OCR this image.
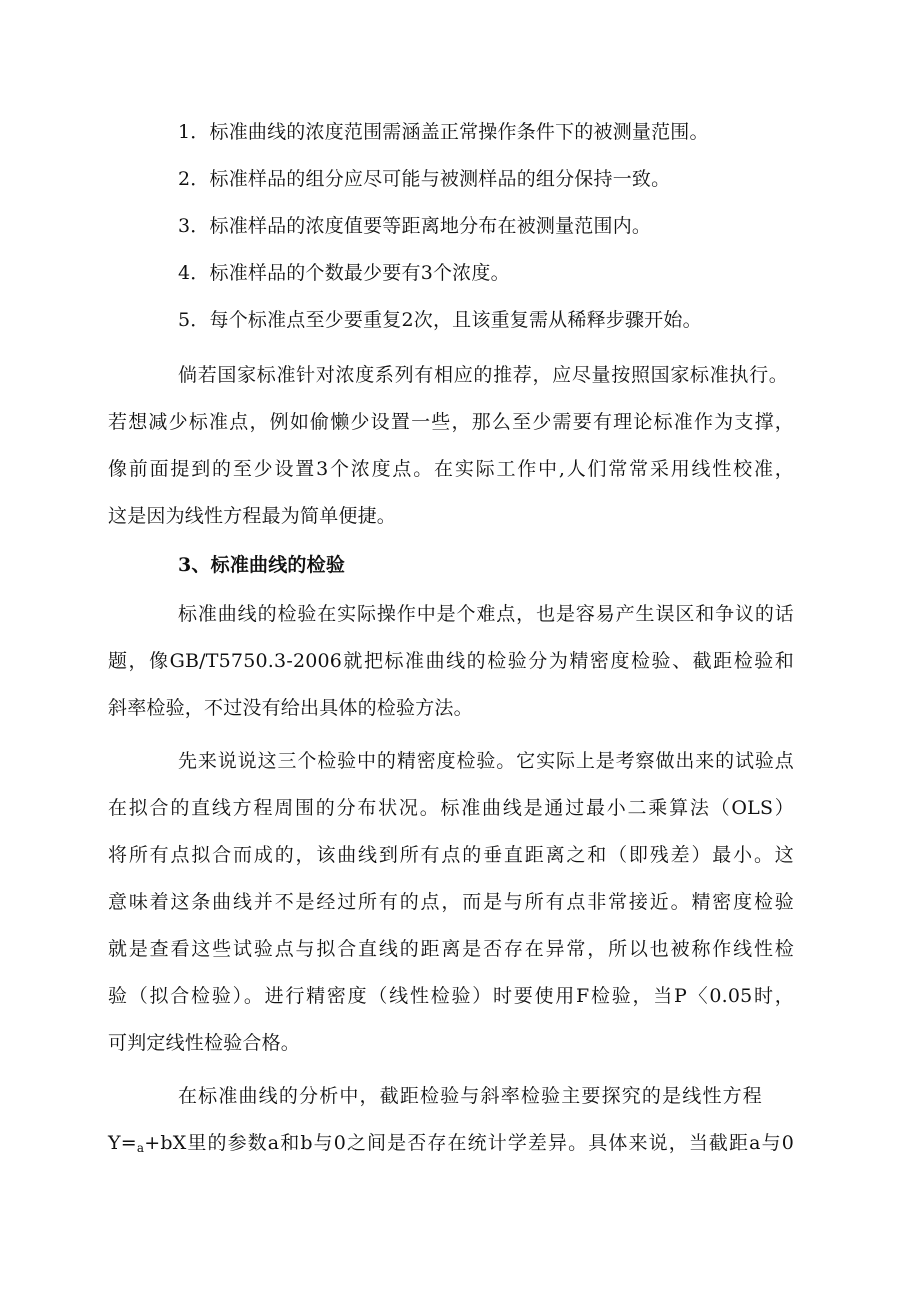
1．标准曲线的浓度范围需涵盖正常操作条件下的被测量范围。
2．标准样品的组分应尽可能与被测样品的组分保持一致。
3．标准样品的浓度值要等距离地分布在被测量范围内。
4．标准样品的个数最少要有3个浓度。
5．每个标准点至少要重复2次，且该重复需从稀释步骤开始。
倘若国家标准针对浓度系列有相应的推荐，应尽量按照国家标准执行。
若想减少标准点，例如偷懒少设置一些，那么至少需要有理论标准作为支撑，
像前面提到的至少设置3个浓度点。在实际工作中,人们常常采用线性校准，
这是因为线性方程最为简单便捷。
3、标准曲线的检验
标准曲线的检验在实际操作中是个难点，也是容易产生误区和争议的话
题，像GB/T5750.3-2006就把标准曲线的检验分为精密度检验、截距检验和
斜率检验，不过没有给出具体的检验方法。
先来说说这三个检验中的精密度检验。它实际上是考察做出来的试验点
在拟合的直线方程周围的分布状况。标准曲线是通过最小二乘算法（OLS）
将所有点拟合而成的，该曲线到所有点的垂直距离之和（即残差）最小。这
意味着这条曲线并不是经过所有的点，而是与所有点非常接近。精密度检验
就是查看这些试验点与拟合直线的距离是否存在异常，所以也被称作线性检
验（拟合检验）。进行精密度（线性检验）时要使用F检验，当P〈0.05时，
可判定线性检验合格。
在标准曲线的分析中，截距检验与斜率检验主要探究的是线性方程
$Y=_a+bX$里的参数a和b与0之间是否存在统计学差异。具体来说，当截距a与0
